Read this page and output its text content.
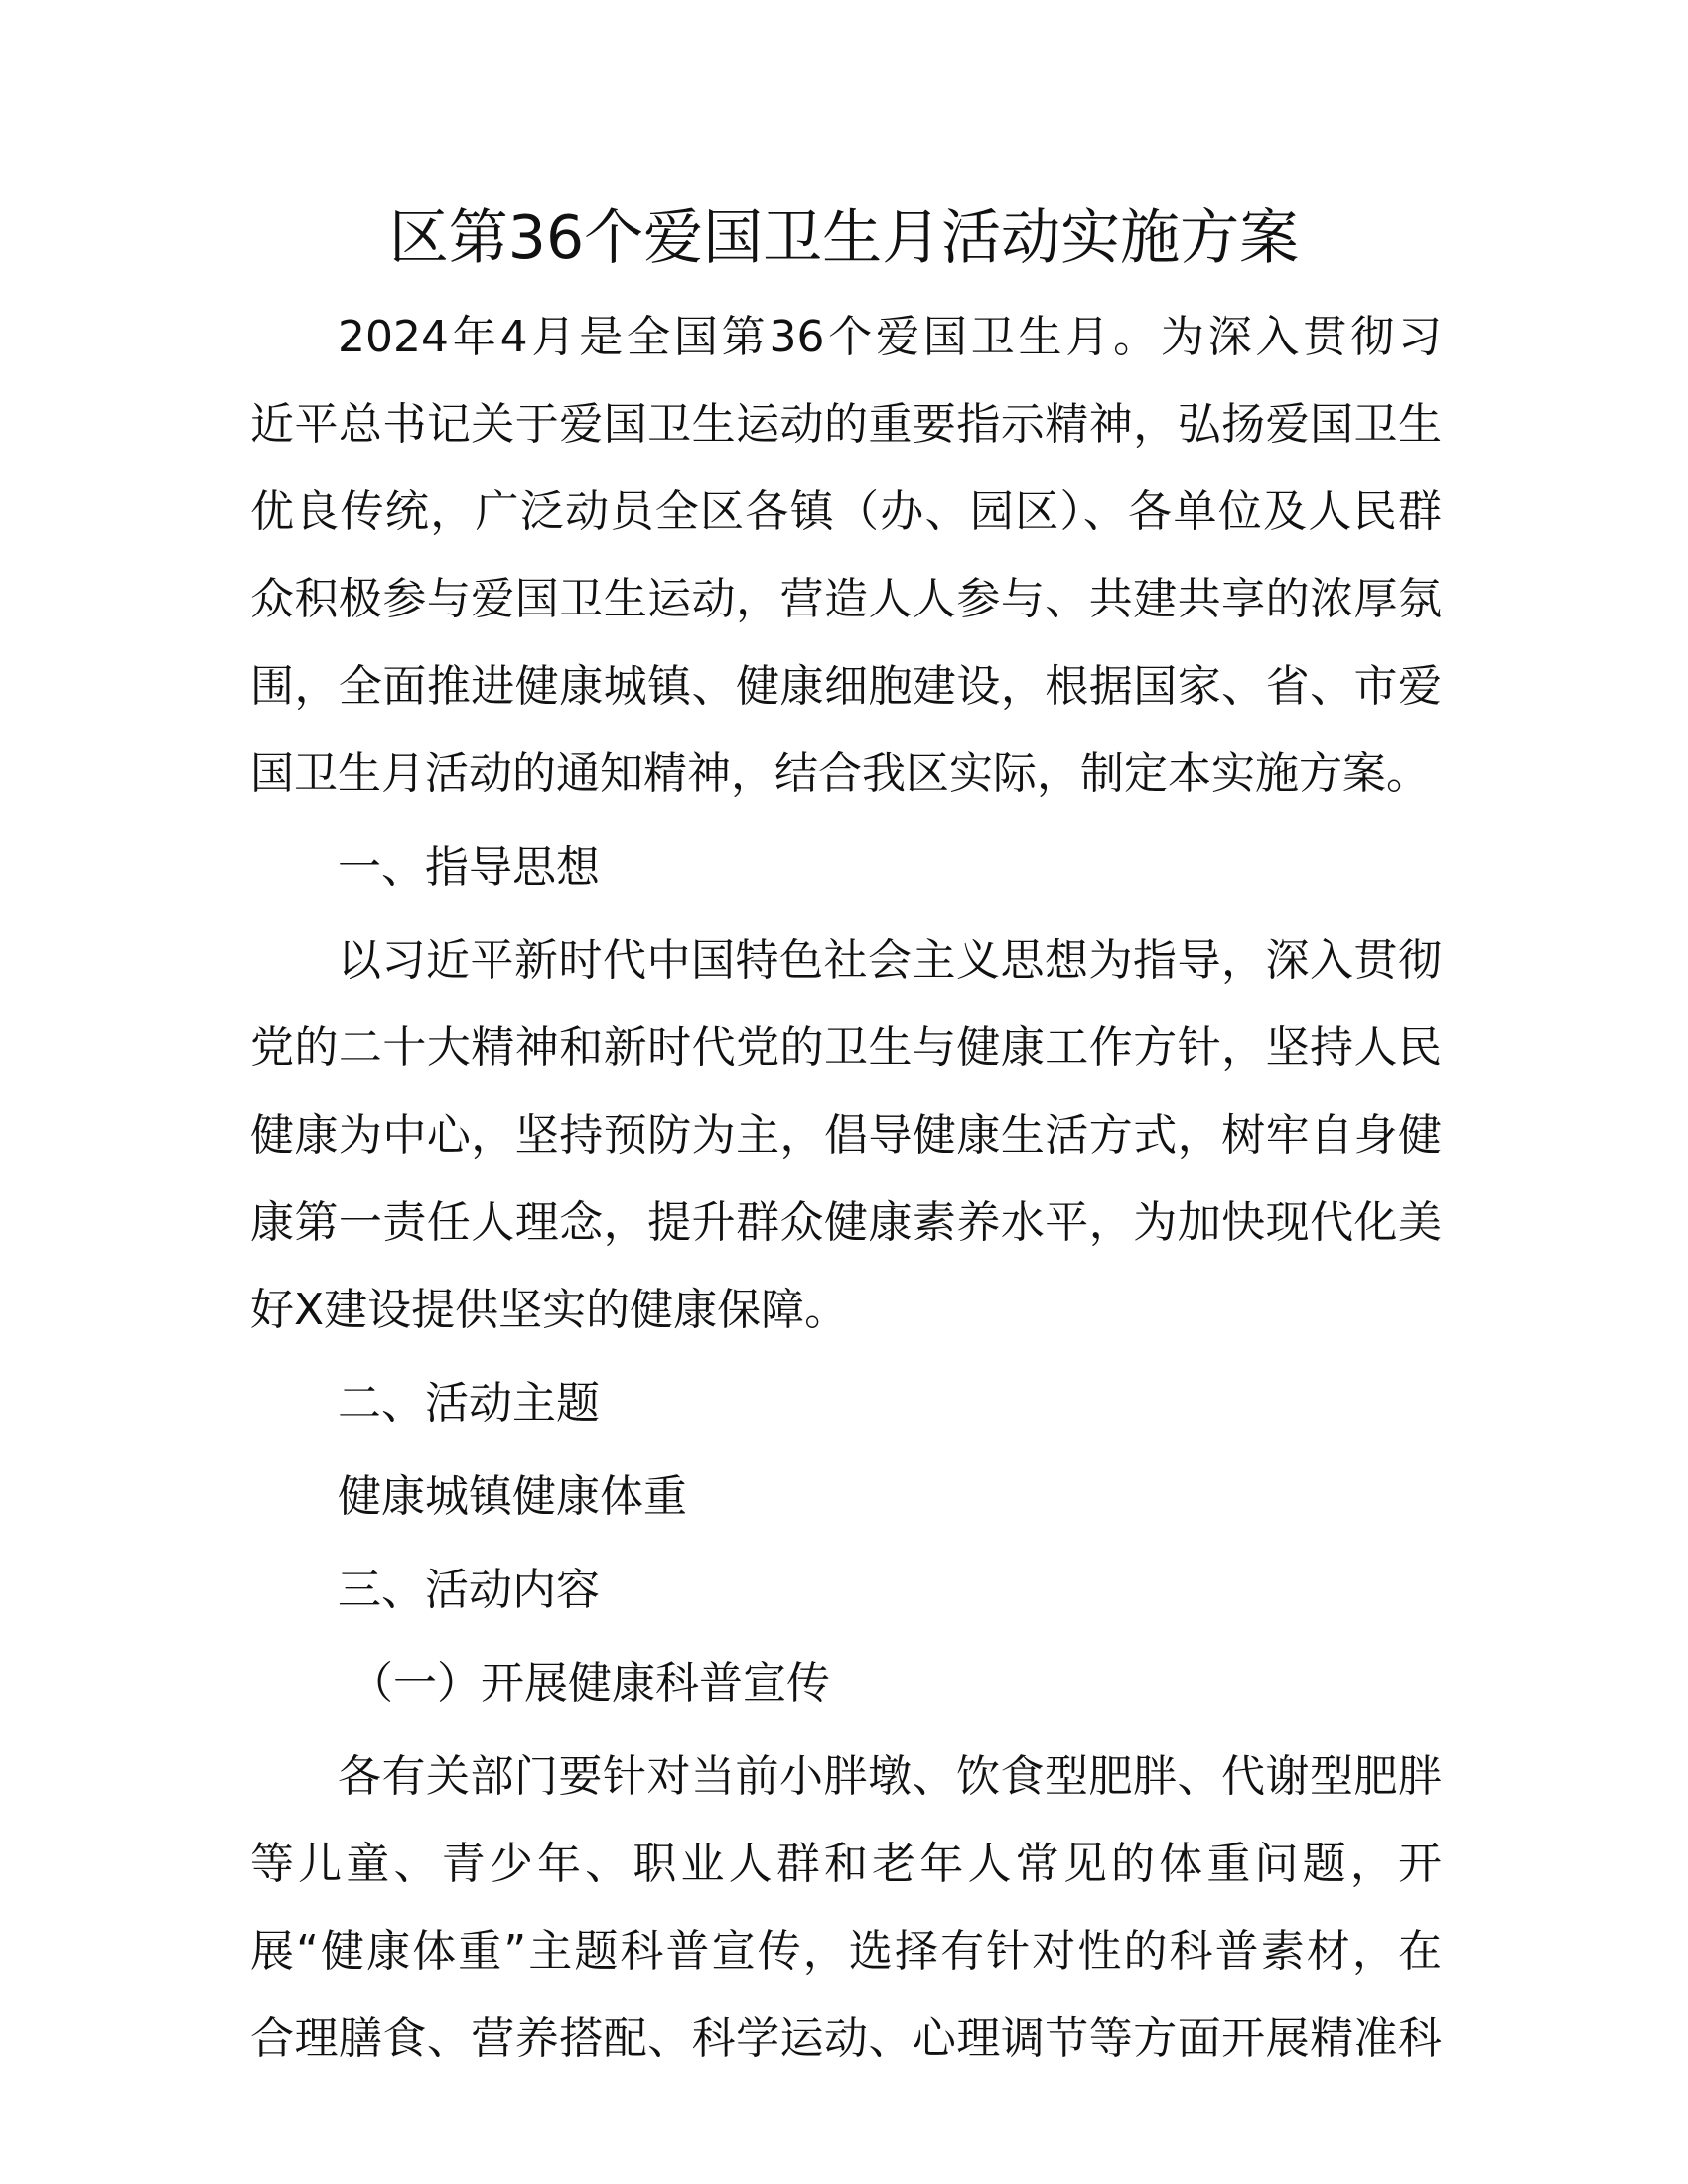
区第36个爱国卫生月活动实施方案
2024年4月是全国第36个爱国卫生月。为深入贯彻习
近平总书记关于爱国卫生运动的重要指示精神，弘扬爱国卫生
优良传统，广泛动员全区各镇（办、园区）、各单位及人民群
众积极参与爱国卫生运动，营造人人参与、共建共享的浓厚氛
围，全面推进健康城镇、健康细胞建设，根据国家、省、市爱
国卫生月活动的通知精神，结合我区实际，制定本实施方案。
一、指导思想
以习近平新时代中国特色社会主义思想为指导，深入贯彻
党的二十大精神和新时代党的卫生与健康工作方针，坚持人民
健康为中心，坚持预防为主，倡导健康生活方式，树牢自身健
康第一责任人理念，提升群众健康素养水平，为加快现代化美
好X建设提供坚实的健康保障。
二、活动主题
健康城镇健康体重
三、活动内容
（一）开展健康科普宣传
各有关部门要针对当前小胖墩、饮食型肥胖、代谢型肥胖
等儿童、青少年、职业人群和老年人常见的体重问题，开
展“健康体重”主题科普宣传，选择有针对性的科普素材，在
合理膳食、营养搭配、科学运动、心理调节等方面开展精准科
